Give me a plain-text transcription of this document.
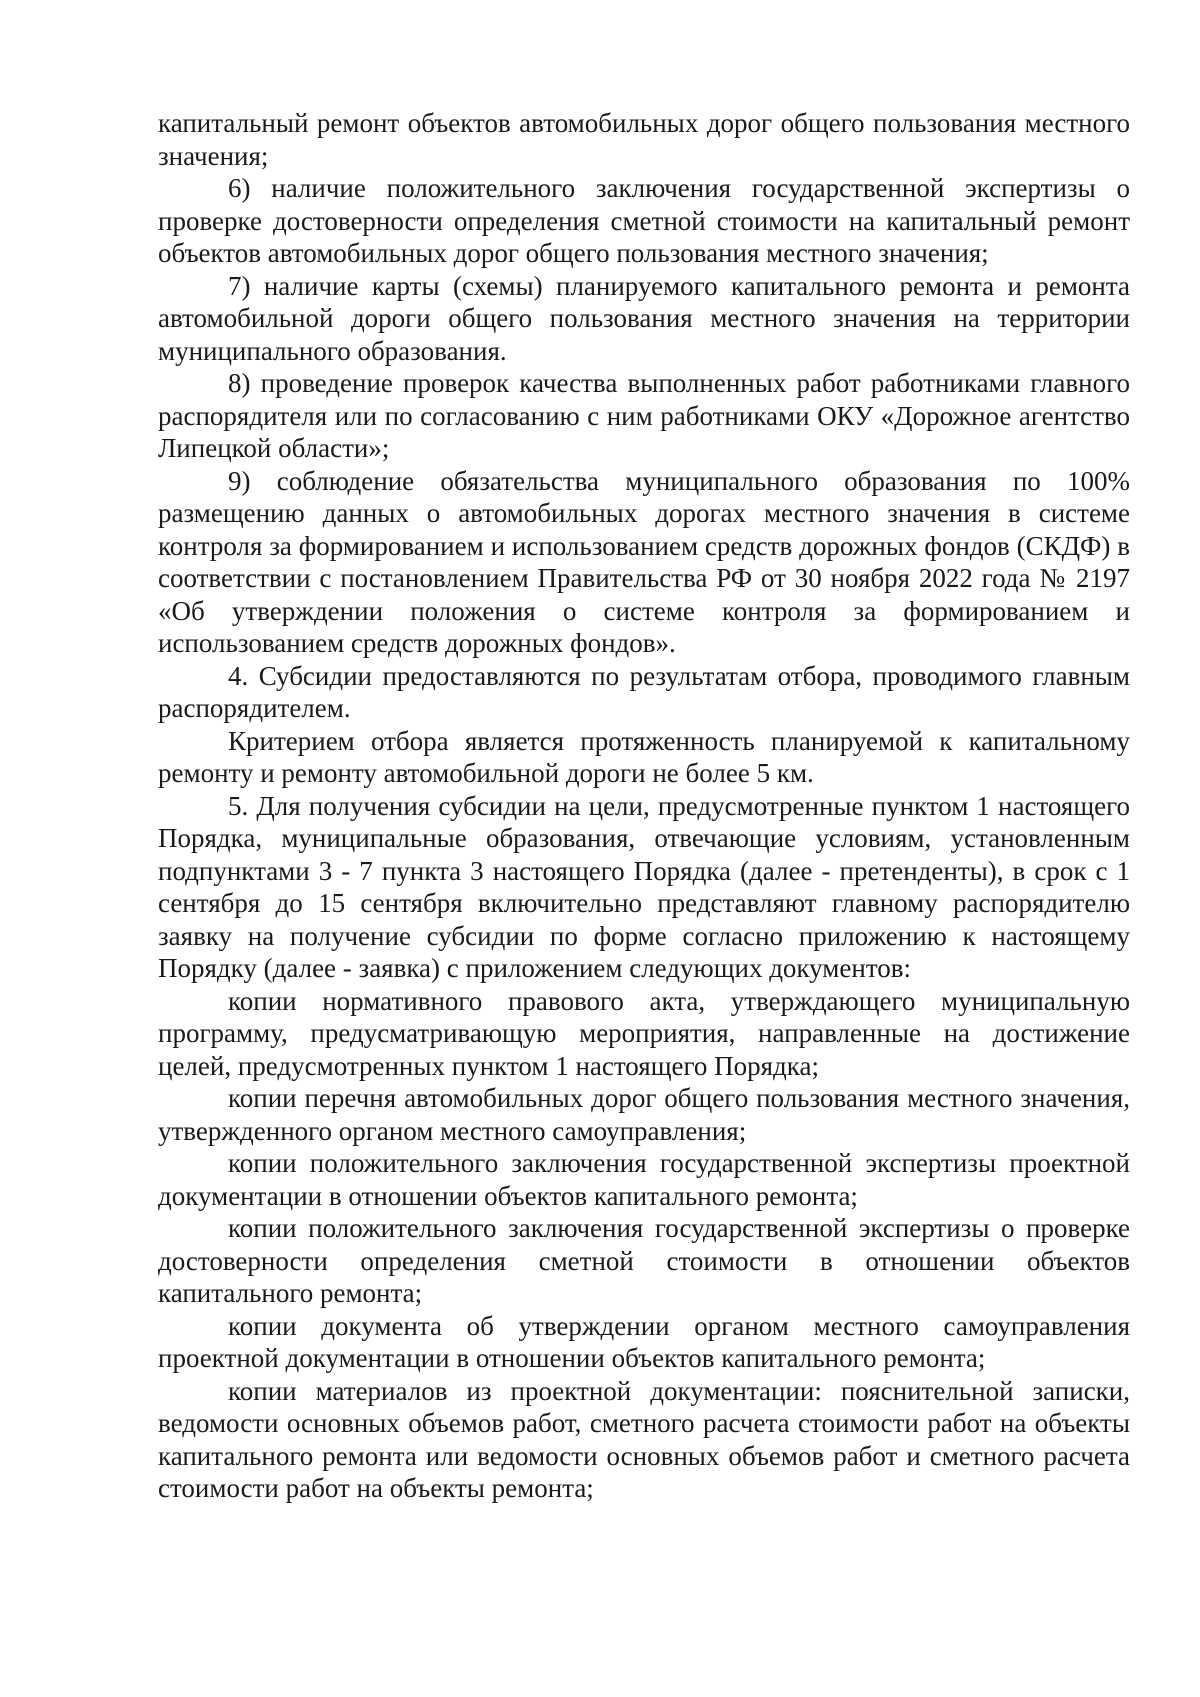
капитальный ремонт объектов автомобильных дорог общего пользования местного значения;

6) наличие положительного заключения государственной экспертизы о проверке достоверности определения сметной стоимости на капитальный ремонт объектов автомобильных дорог общего пользования местного значения;

7) наличие карты (схемы) планируемого капитального ремонта и ремонта автомобильной дороги общего пользования местного значения на территории муниципального образования.

8) проведение проверок качества выполненных работ работниками главного распорядителя или по согласованию с ним работниками ОКУ «Дорожное агентство Липецкой области»;

9) соблюдение обязательства муниципального образования по 100% размещению данных о автомобильных дорогах местного значения в системе контроля за формированием и использованием средств дорожных фондов (СКДФ) в соответствии с постановлением Правительства РФ от 30 ноября 2022 года № 2197 «Об утверждении положения о системе контроля за формированием и использованием средств дорожных фондов».

4. Субсидии предоставляются по результатам отбора, проводимого главным распорядителем.

Критерием отбора является протяженность планируемой к капитальному ремонту и ремонту автомобильной дороги не более 5 км.

5. Для получения субсидии на цели, предусмотренные пунктом 1 настоящего Порядка, муниципальные образования, отвечающие условиям, установленным подпунктами 3 - 7 пункта 3 настоящего Порядка (далее - претенденты), в срок с 1 сентября до 15 сентября включительно представляют главному распорядителю заявку на получение субсидии по форме согласно приложению к настоящему Порядку (далее - заявка) с приложением следующих документов:

копии нормативного правового акта, утверждающего муниципальную программу, предусматривающую мероприятия, направленные на достижение целей, предусмотренных пунктом 1 настоящего Порядка;

копии перечня автомобильных дорог общего пользования местного значения, утвержденного органом местного самоуправления;

копии положительного заключения государственной экспертизы проектной документации в отношении объектов капитального ремонта;

копии положительного заключения государственной экспертизы о проверке достоверности определения сметной стоимости в отношении объектов капитального ремонта;

копии документа об утверждении органом местного самоуправления проектной документации в отношении объектов капитального ремонта;

копии материалов из проектной документации: пояснительной записки, ведомости основных объемов работ, сметного расчета стоимости работ на объекты капитального ремонта или ведомости основных объемов работ и сметного расчета стоимости работ на объекты ремонта;
